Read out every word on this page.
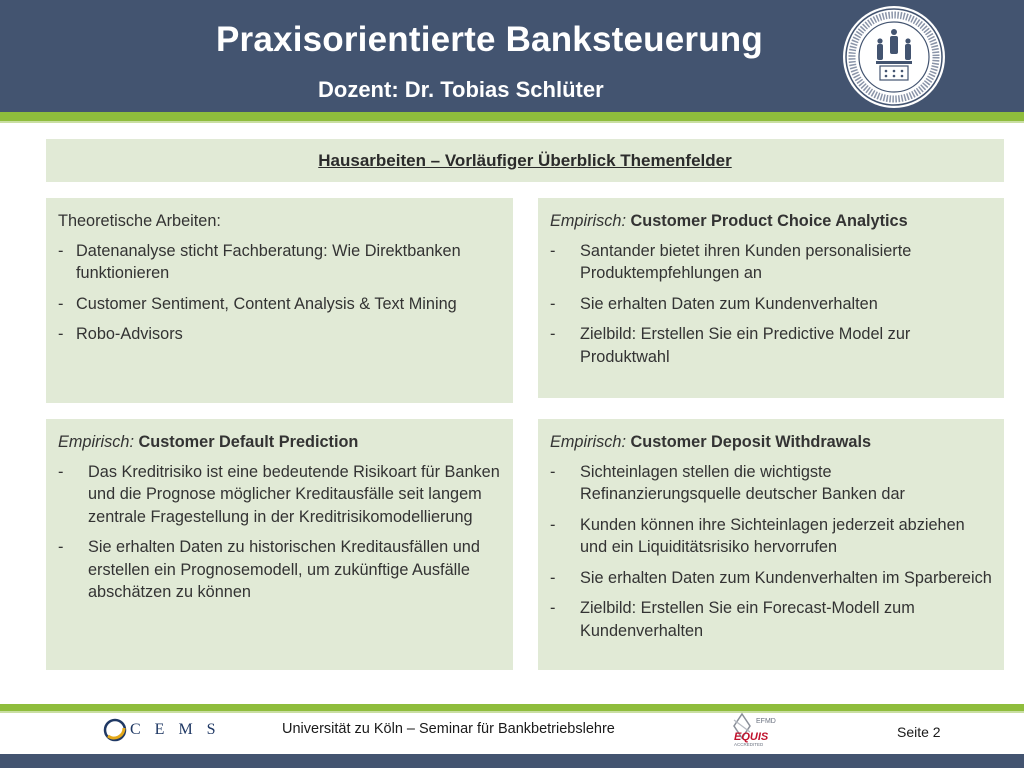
Praxisorientierte Banksteuerung
Dozent: Dr. Tobias Schlüter
Hausarbeiten – Vorläufiger Überblick Themenfelder
Theoretische Arbeiten:
- Datenanalyse sticht Fachberatung: Wie Direktbanken funktionieren
- Customer Sentiment, Content Analysis & Text Mining
- Robo-Advisors
Empirisch: Customer Product Choice Analytics
-	Santander bietet ihren Kunden personalisierte Produktempfehlungen an
-	Sie erhalten Daten zum Kundenverhalten
-	Zielbild: Erstellen Sie ein Predictive Model zur Produktwahl
Empirisch: Customer Default Prediction
-	Das Kreditrisiko ist eine bedeutende Risikoart für Banken und die Prognose möglicher Kreditausfälle seit langem zentrale Fragestellung in der Kreditrisikomodellierung
-	Sie erhalten Daten zu historischen Kreditausfällen und erstellen ein Prognosemodell, um zukünftige Ausfälle abschätzen zu können
Empirisch: Customer Deposit Withdrawals
-	Sichteinlagen stellen die wichtigste Refinanzierungsquelle deutscher Banken dar
-	Kunden können ihre Sichteinlagen jederzeit abziehen und ein Liquiditätsrisiko hervorrufen
-	Sie erhalten Daten zum Kundenverhalten im Sparbereich
-	Zielbild: Erstellen Sie ein Forecast-Modell zum Kundenverhalten
C E M S	Universität zu Köln – Seminar für Bankbetriebslehre	EFMD
EQUIS
ACCREDITED
Seite 2
